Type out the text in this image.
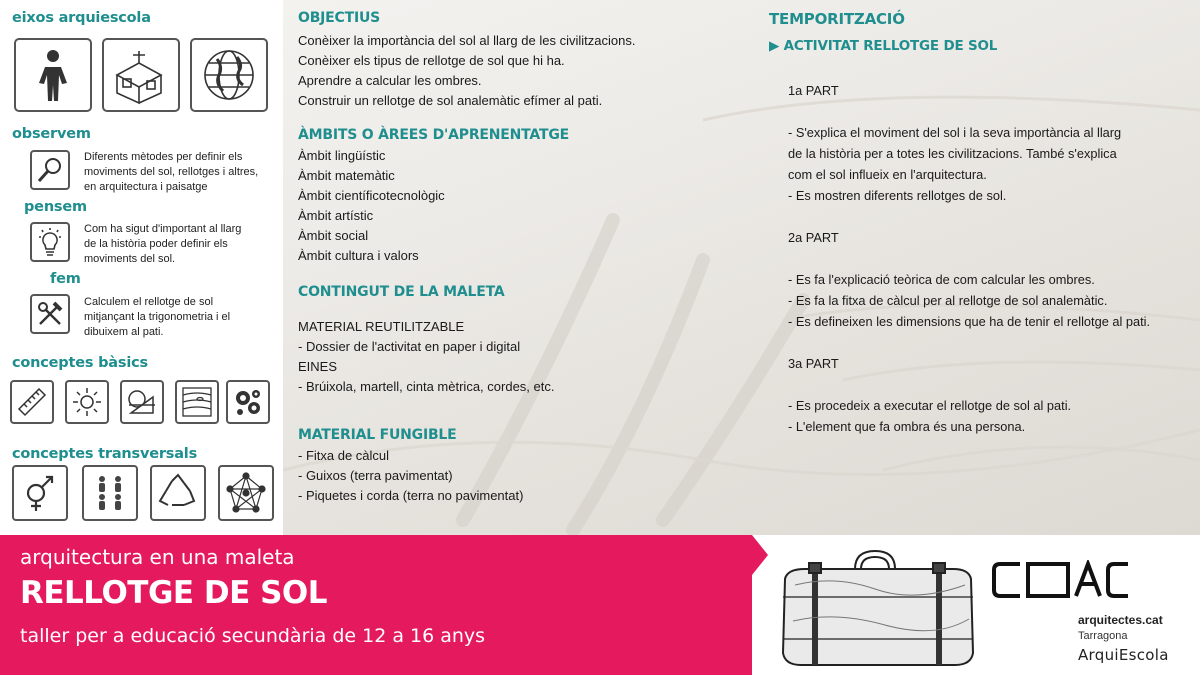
eixos arquiescola
observem
Diferents mètodes per definir els
moviments del sol, rellotges i altres,
en arquitectura i paisatge
pensem
Com ha sigut d'important al llarg
de la història poder definir els
moviments del sol.
fem
Calculem el rellotge de sol
mitjançant la trigonometria i el
dibuixem al pati.
conceptes bàsics
conceptes transversals
OBJECTIUS
Conèixer la importància del sol al llarg de les civilitzacions.
Conèixer els tipus de rellotge de sol que hi ha.
Aprendre a calcular les ombres.
Construir un rellotge de sol analemàtic efímer al pati.
ÀMBITS O ÀREES D'APRENENTATGE
Àmbit lingüístic
Àmbit matemàtic
Àmbit científicotecnològic
Àmbit artístic
Àmbit social
Àmbit cultura i valors
CONTINGUT DE LA MALETA
MATERIAL REUTILITZABLE
- Dossier de l'activitat en paper i digital
EINES
- Brúixola, martell, cinta mètrica, cordes, etc.
MATERIAL FUNGIBLE
- Fitxa de càlcul
- Guixos (terra pavimentat)
- Piquetes i corda (terra no pavimentat)
TEMPORITZACIÓ
▶ ACTIVITAT RELLOTGE DE SOL
1a PART
- S'explica el moviment del sol i la seva importància al llarg
de la història per a totes les civilitzacions. També s'explica
com el sol influeix en l'arquitectura.
- Es mostren diferents rellotges de sol.
2a PART
- Es fa l'explicació teòrica de com calcular les ombres.
- Es fa la fitxa de càlcul per al rellotge de sol analemàtic.
- Es defineixen les dimensions que ha de tenir el rellotge al pati.
3a PART
- Es procedeix a executar el rellotge de sol al pati.
- L'element que fa ombra és una persona.
arquitectura en una maleta
RELLOTGE DE SOL
taller per a educació secundària de 12 a 16 anys
arquitectes.cat
Tarragona
ArquiEscola
